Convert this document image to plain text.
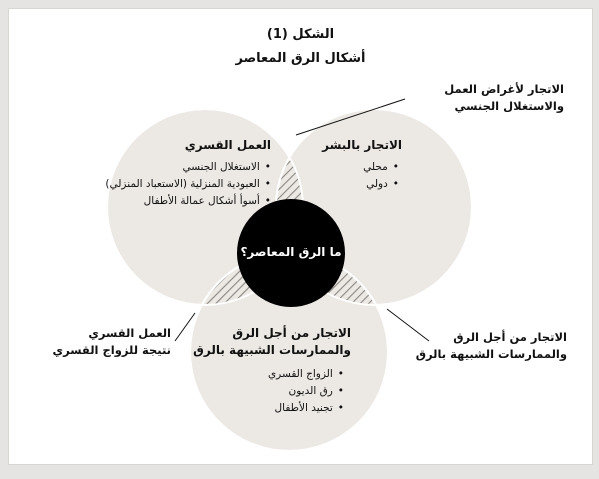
الشكل (1)
أشكال الرق المعاصر
العمل القسري
• الاستغلال الجنسي
• العبودية المنزلية (الاستعباد المنزلي)
• أسوأ أشكال عمالة الأطفال
الاتجار بالبشر
• محلي
• دولي
ما الرق المعاصر؟
الاتجار من أجل الرق
والممارسات الشبيهة بالرق
• الزواج القسري
• رق الديون
• تجنيد الأطفال
الاتجار لأغراض العمل
والاستغلال الجنسي
الاتجار من أجل الرق
والممارسات الشبيهة بالرق
العمل القسري
نتيجة للزواج القسري
